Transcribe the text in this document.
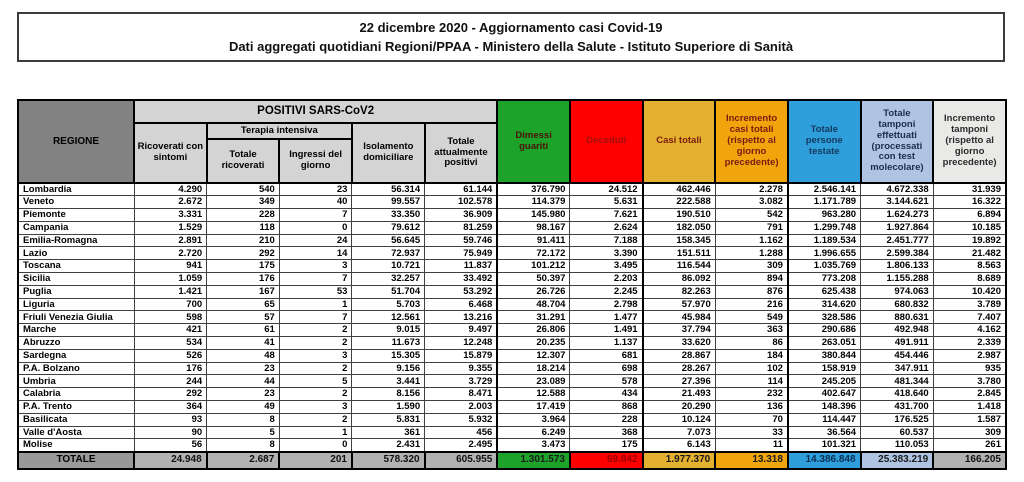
22 dicembre 2020 - Aggiornamento casi Covid-19

Dati aggregati quotidiani Regioni/PPAA - Ministero della Salute - Istituto Superiore di Sanità

REGIONE	POSITIVI SARS-CoV2					Dimessi guariti	Deceduti	Casi totali	Incremento casi totali (rispetto al giorno precedente)	Totale persone testate	Totale tamponi effettuati (processati con test molecolare)	Incremento tamponi (rispetto al giorno precedente)
	Ricoverati con sintomi	Terapia intensiva		Isolamento domiciliare	Totale attualmente positivi							
		Totale ricoverati	Ingressi del giorno									
Lombardia	4.290	540	23	56.314	61.144	376.790	24.512	462.446	2.278	2.546.141	4.672.338	31.939
Veneto	2.672	349	40	99.557	102.578	114.379	5.631	222.588	3.082	1.171.789	3.144.621	16.322
Piemonte	3.331	228	7	33.350	36.909	145.980	7.621	190.510	542	963.280	1.624.273	6.894
Campania	1.529	118	0	79.612	81.259	98.167	2.624	182.050	791	1.299.748	1.927.864	10.185
Emilia-Romagna	2.891	210	24	56.645	59.746	91.411	7.188	158.345	1.162	1.189.534	2.451.777	19.892
Lazio	2.720	292	14	72.937	75.949	72.172	3.390	151.511	1.288	1.996.655	2.599.384	21.482
Toscana	941	175	3	10.721	11.837	101.212	3.495	116.544	309	1.035.769	1.806.133	8.563
Sicilia	1.059	176	7	32.257	33.492	50.397	2.203	86.092	894	773.208	1.155.288	8.689
Puglia	1.421	167	53	51.704	53.292	26.726	2.245	82.263	876	625.438	974.063	10.420
Liguria	700	65	1	5.703	6.468	48.704	2.798	57.970	216	314.620	680.832	3.789
Friuli Venezia Giulia	598	57	7	12.561	13.216	31.291	1.477	45.984	549	328.586	880.631	7.407
Marche	421	61	2	9.015	9.497	26.806	1.491	37.794	363	290.686	492.948	4.162
Abruzzo	534	41	2	11.673	12.248	20.235	1.137	33.620	86	263.051	491.911	2.339
Sardegna	526	48	3	15.305	15.879	12.307	681	28.867	184	380.844	454.446	2.987
P.A. Bolzano	176	23	2	9.156	9.355	18.214	698	28.267	102	158.919	347.911	935
Umbria	244	44	5	3.441	3.729	23.089	578	27.396	114	245.205	481.344	3.780
Calabria	292	23	2	8.156	8.471	12.588	434	21.493	232	402.647	418.640	2.845
P.A. Trento	364	49	3	1.590	2.003	17.419	868	20.290	136	148.396	431.700	1.418
Basilicata	93	8	2	5.831	5.932	3.964	228	10.124	70	114.447	176.525	1.587
Valle d'Aosta	90	5	1	361	456	6.249	368	7.073	33	36.564	60.537	309
Molise	56	8	0	2.431	2.495	3.473	175	6.143	11	101.321	110.053	261
TOTALE	24.948	2.687	201	578.320	605.955	1.301.573	69.842	1.977.370	13.318	14.386.848	25.383.219	166.205
